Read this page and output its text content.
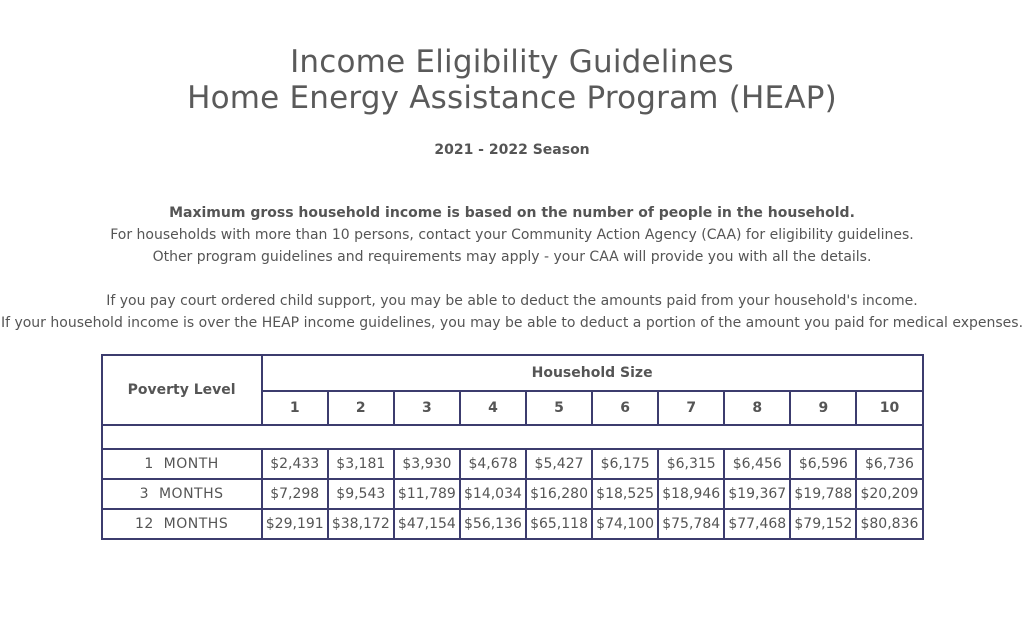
Income Eligibility Guidelines
Home Energy Assistance Program (HEAP)
2021 - 2022 Season
Maximum gross household income is based on the number of people in the household.
For households with more than 10 persons, contact your Community Action Agency (CAA) for eligibility guidelines.
Other program guidelines and requirements may apply - your CAA will provide you with all the details.
If you pay court ordered child support, you may be able to deduct the amounts paid from your household's income.
If your household income is over the HEAP income guidelines, you may be able to deduct a portion of the amount you paid for medical expenses.
Poverty Level	Household Size									
	1	2	3	4	5	6	7	8	9	10

1  MONTH	$2,433	$3,181	$3,930	$4,678	$5,427	$6,175	$6,315	$6,456	$6,596	$6,736
3  MONTHS	$7,298	$9,543	$11,789	$14,034	$16,280	$18,525	$18,946	$19,367	$19,788	$20,209
12  MONTHS	$29,191	$38,172	$47,154	$56,136	$65,118	$74,100	$75,784	$77,468	$79,152	$80,836
